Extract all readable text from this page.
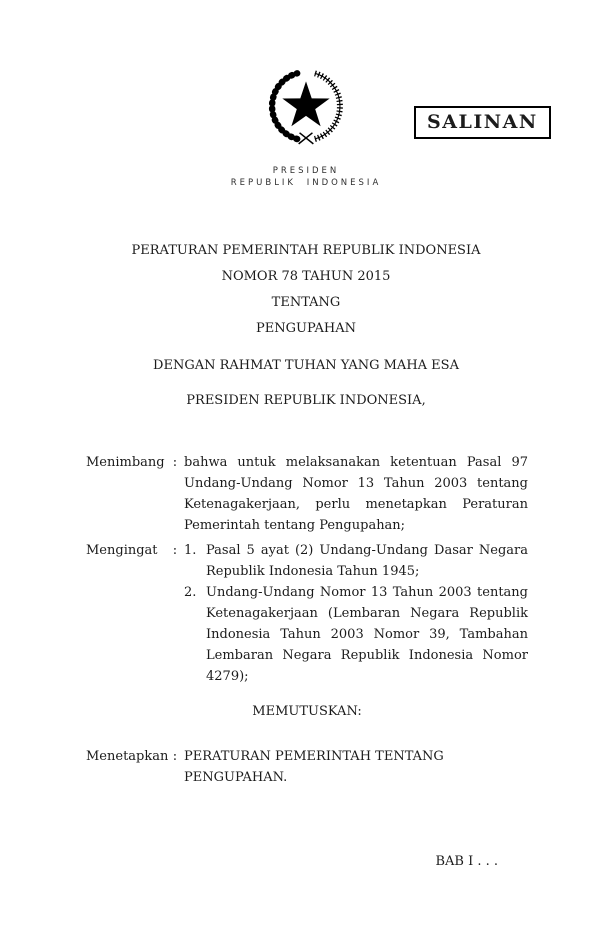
PRESIDEN
REPUBLIK INDONESIA
SALINAN
PERATURAN PEMERINTAH REPUBLIK INDONESIA
NOMOR 78 TAHUN 2015
TENTANG
PENGUPAHAN
DENGAN RAHMAT TUHAN YANG MAHA ESA
PRESIDEN REPUBLIK INDONESIA,
Menimbang : bahwa untuk melaksanakan ketentuan Pasal 97 Undang-Undang Nomor 13 Tahun 2003 tentang Ketenagakerjaan, perlu menetapkan Peraturan Pemerintah tentang Pengupahan;
Mengingat	: 1. Pasal 5 ayat (2) Undang-Undang Dasar Negara Republik Indonesia Tahun 1945;
2. Undang-Undang Nomor 13 Tahun 2003 tentang Ketenagakerjaan (Lembaran Negara Republik Indonesia Tahun 2003 Nomor 39, Tambahan Lembaran Negara Republik Indonesia Nomor 4279);
MEMUTUSKAN:
Menetapkan : PERATURAN PEMERINTAH TENTANG PENGUPAHAN.
BAB I . . .
